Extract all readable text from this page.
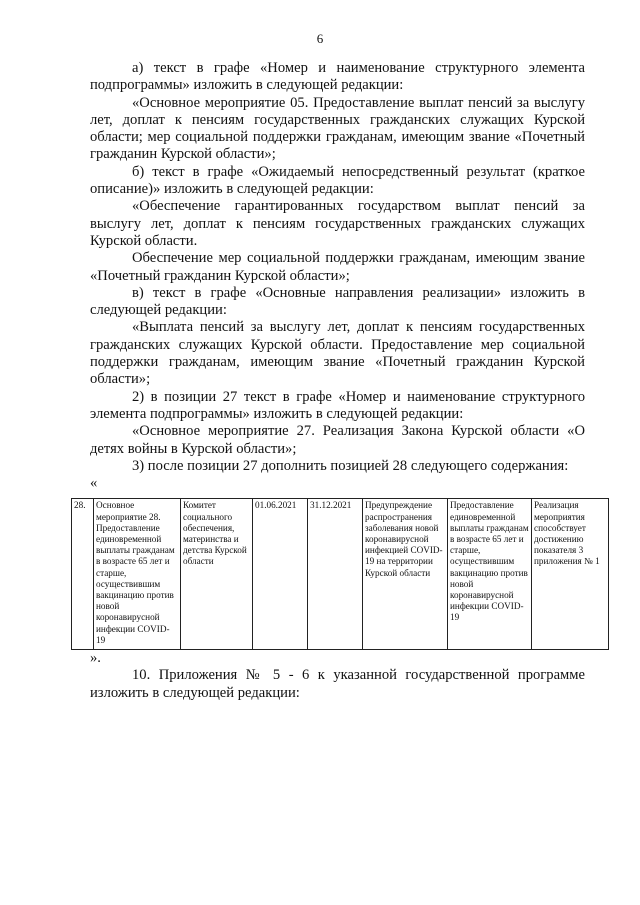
6

а) текст в графе «Номер и наименование структурного элемента подпрограммы» изложить в следующей редакции:

«Основное мероприятие 05. Предоставление выплат пенсий за выслугу лет, доплат к пенсиям государственных гражданских служащих Курской области; мер социальной поддержки гражданам, имеющим звание «Почетный гражданин Курской области»;

б) текст в графе «Ожидаемый непосредственный результат (краткое описание)» изложить в следующей редакции:

«Обеспечение гарантированных государством выплат пенсий за выслугу лет, доплат к пенсиям государственных гражданских служащих Курской области.

Обеспечение мер социальной поддержки гражданам, имеющим звание «Почетный гражданин Курской области»;

в) текст в графе «Основные направления реализации» изложить в следующей редакции:

«Выплата пенсий за выслугу лет, доплат к пенсиям государственных гражданских служащих Курской области. Предоставление мер социальной поддержки гражданам, имеющим звание «Почетный гражданин Курской области»;

2) в позиции 27 текст в графе «Номер и наименование структурного элемента подпрограммы» изложить в следующей редакции:

«Основное мероприятие 27. Реализация Закона Курской области «О детях войны в Курской области»;

3) после позиции 27 дополнить позицией 28 следующего содержания:

«

28.	Основное мероприятие 28. Предоставление единовременной выплаты гражданам в возрасте 65 лет и старше, осуществившим вакцинацию против новой коронавирусной инфекции COVID-19	Комитет социального обеспечения, материнства и детства Курской области	01.06.2021	31.12.2021	Предупреждение распространения заболевания новой коронавирусной инфекцией COVID-19 на территории Курской области	Предоставление единовременной выплаты гражданам в возрасте 65 лет и старше, осуществившим вакцинацию против новой коронавирусной инфекции COVID-19	Реализация мероприятия способствует достижению показателя 3 приложения № 1

».

10. Приложения № 5 - 6 к указанной государственной программе изложить в следующей редакции:
